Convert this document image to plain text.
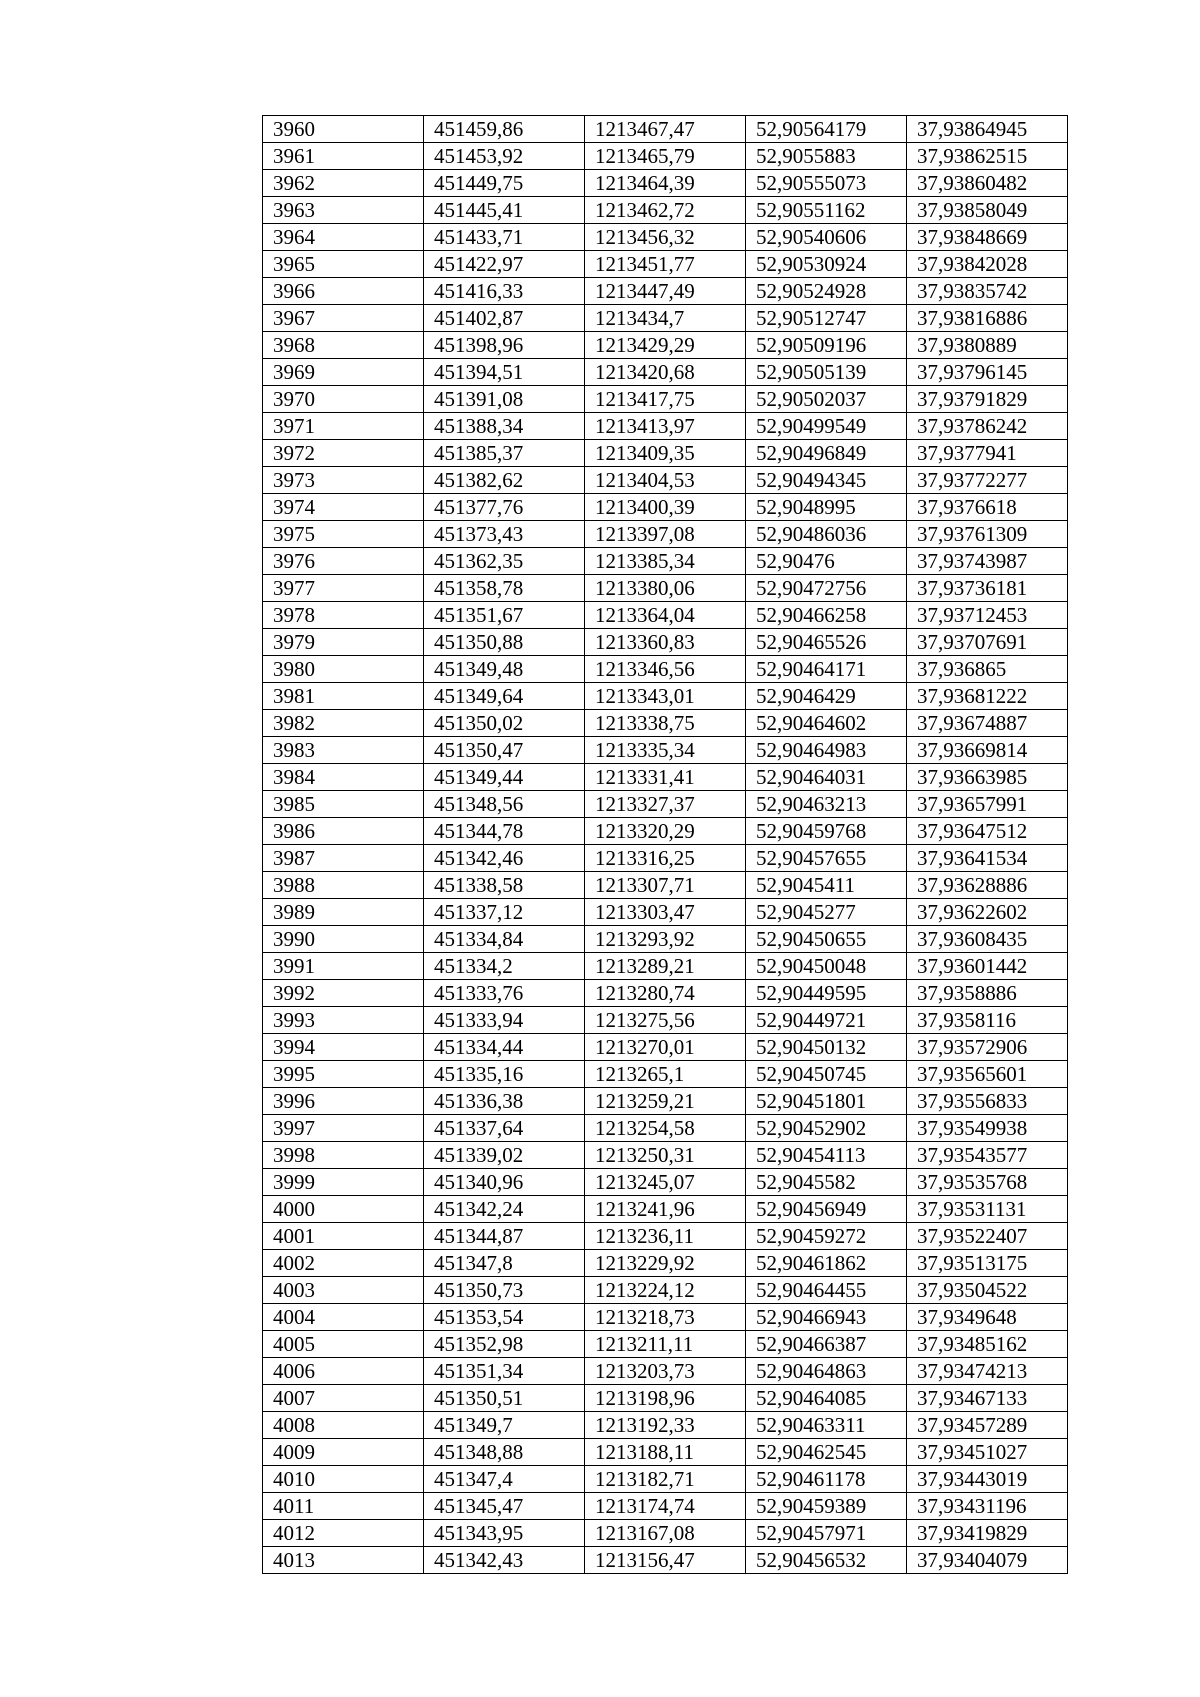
3960	451459,86	1213467,47	52,90564179	37,93864945
3961	451453,92	1213465,79	52,9055883	37,93862515
3962	451449,75	1213464,39	52,90555073	37,93860482
3963	451445,41	1213462,72	52,90551162	37,93858049
3964	451433,71	1213456,32	52,90540606	37,93848669
3965	451422,97	1213451,77	52,90530924	37,93842028
3966	451416,33	1213447,49	52,90524928	37,93835742
3967	451402,87	1213434,7	52,90512747	37,93816886
3968	451398,96	1213429,29	52,90509196	37,9380889
3969	451394,51	1213420,68	52,90505139	37,93796145
3970	451391,08	1213417,75	52,90502037	37,93791829
3971	451388,34	1213413,97	52,90499549	37,93786242
3972	451385,37	1213409,35	52,90496849	37,9377941
3973	451382,62	1213404,53	52,90494345	37,93772277
3974	451377,76	1213400,39	52,9048995	37,9376618
3975	451373,43	1213397,08	52,90486036	37,93761309
3976	451362,35	1213385,34	52,90476	37,93743987
3977	451358,78	1213380,06	52,90472756	37,93736181
3978	451351,67	1213364,04	52,90466258	37,93712453
3979	451350,88	1213360,83	52,90465526	37,93707691
3980	451349,48	1213346,56	52,90464171	37,936865
3981	451349,64	1213343,01	52,9046429	37,93681222
3982	451350,02	1213338,75	52,90464602	37,93674887
3983	451350,47	1213335,34	52,90464983	37,93669814
3984	451349,44	1213331,41	52,90464031	37,93663985
3985	451348,56	1213327,37	52,90463213	37,93657991
3986	451344,78	1213320,29	52,90459768	37,93647512
3987	451342,46	1213316,25	52,90457655	37,93641534
3988	451338,58	1213307,71	52,9045411	37,93628886
3989	451337,12	1213303,47	52,9045277	37,93622602
3990	451334,84	1213293,92	52,90450655	37,93608435
3991	451334,2	1213289,21	52,90450048	37,93601442
3992	451333,76	1213280,74	52,90449595	37,9358886
3993	451333,94	1213275,56	52,90449721	37,9358116
3994	451334,44	1213270,01	52,90450132	37,93572906
3995	451335,16	1213265,1	52,90450745	37,93565601
3996	451336,38	1213259,21	52,90451801	37,93556833
3997	451337,64	1213254,58	52,90452902	37,93549938
3998	451339,02	1213250,31	52,90454113	37,93543577
3999	451340,96	1213245,07	52,9045582	37,93535768
4000	451342,24	1213241,96	52,90456949	37,93531131
4001	451344,87	1213236,11	52,90459272	37,93522407
4002	451347,8	1213229,92	52,90461862	37,93513175
4003	451350,73	1213224,12	52,90464455	37,93504522
4004	451353,54	1213218,73	52,90466943	37,9349648
4005	451352,98	1213211,11	52,90466387	37,93485162
4006	451351,34	1213203,73	52,90464863	37,93474213
4007	451350,51	1213198,96	52,90464085	37,93467133
4008	451349,7	1213192,33	52,90463311	37,93457289
4009	451348,88	1213188,11	52,90462545	37,93451027
4010	451347,4	1213182,71	52,90461178	37,93443019
4011	451345,47	1213174,74	52,90459389	37,93431196
4012	451343,95	1213167,08	52,90457971	37,93419829
4013	451342,43	1213156,47	52,90456532	37,93404079
